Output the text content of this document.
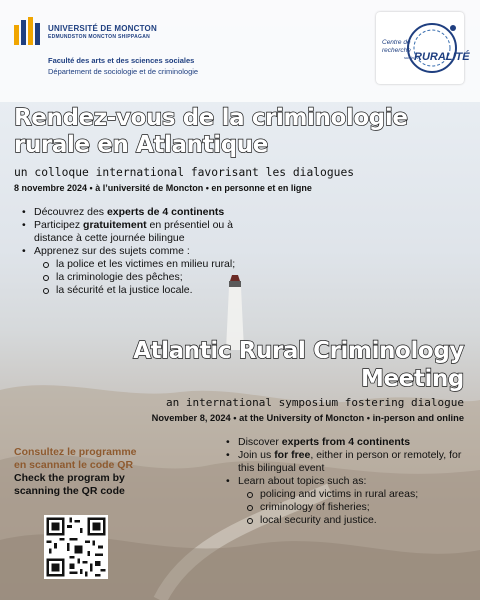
UNIVERSITÉ DE MONCTON
EDMUNDSTON MONCTON SHIPPAGAN
Faculté des arts et des sciences sociales
Département de sociologie et de criminologie
Centre de
recherche
sur la RURALITÉ
Rendez-vous de la criminologie
rurale en Atlantique
un colloque international favorisant les dialogues
8 novembre 2024 • à l’université de Moncton • en personne et en ligne
• Découvrez des experts de 4 continents
• Participez gratuitement en présentiel ou à distance à cette journée bilingue
• Apprenez sur des sujets comme :
la police et les victimes en milieu rural;
la criminologie des pêches;
la sécurité et la justice locale.
Atlantic Rural Criminology
Meeting
an international symposium fostering dialogue
November 8, 2024 • at the University of Moncton • in-person and online
Consultez le programme
en scannant le code QR
Check the program by
scanning the QR code
• Discover experts from 4 continents
• Join us for free, either in person or remotely, for this bilingual event
• Learn about topics such as:
policing and victims in rural areas;
criminology of fisheries;
local security and justice.
